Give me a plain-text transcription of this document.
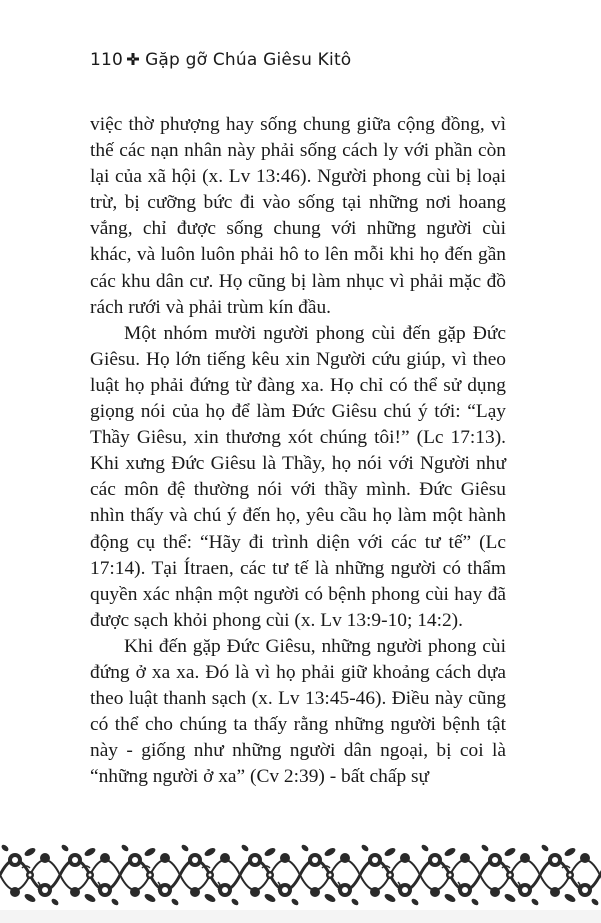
110 Gặp gỡ Chúa Giêsu Kitô

việc thờ phượng hay sống chung giữa cộng đồng, vì thế các nạn nhân này phải sống cách ly với phần còn lại của xã hội (x. Lv 13:46). Người phong cùi bị loại trừ, bị cưỡng bức đi vào sống tại những nơi hoang vắng, chỉ được sống chung với những người cùi khác, và luôn luôn phải hô to lên mỗi khi họ đến gần các khu dân cư. Họ cũng bị làm nhục vì phải mặc đồ rách rưới và phải trùm kín đầu.

Một nhóm mười người phong cùi đến gặp Đức Giêsu. Họ lớn tiếng kêu xin Người cứu giúp, vì theo luật họ phải đứng từ đàng xa. Họ chỉ có thể sử dụng giọng nói của họ để làm Đức Giêsu chú ý tới: “Lạy Thầy Giêsu, xin thương xót chúng tôi!” (Lc 17:13). Khi xưng Đức Giêsu là Thầy, họ nói với Người như các môn đệ thường nói với thầy mình. Đức Giêsu nhìn thấy và chú ý đến họ, yêu cầu họ làm một hành động cụ thể: “Hãy đi trình diện với các tư tế” (Lc 17:14). Tại Ítraen, các tư tế là những người có thẩm quyền xác nhận một người có bệnh phong cùi hay đã được sạch khỏi phong cùi (x. Lv 13:9-10; 14:2).

Khi đến gặp Đức Giêsu, những người phong cùi đứng ở xa xa. Đó là vì họ phải giữ khoảng cách dựa theo luật thanh sạch (x. Lv 13:45-46). Điều này cũng có thể cho chúng ta thấy rằng những người bệnh tật này - giống như những người dân ngoại, bị coi là “những người ở xa” (Cv 2:39) - bất chấp sự
